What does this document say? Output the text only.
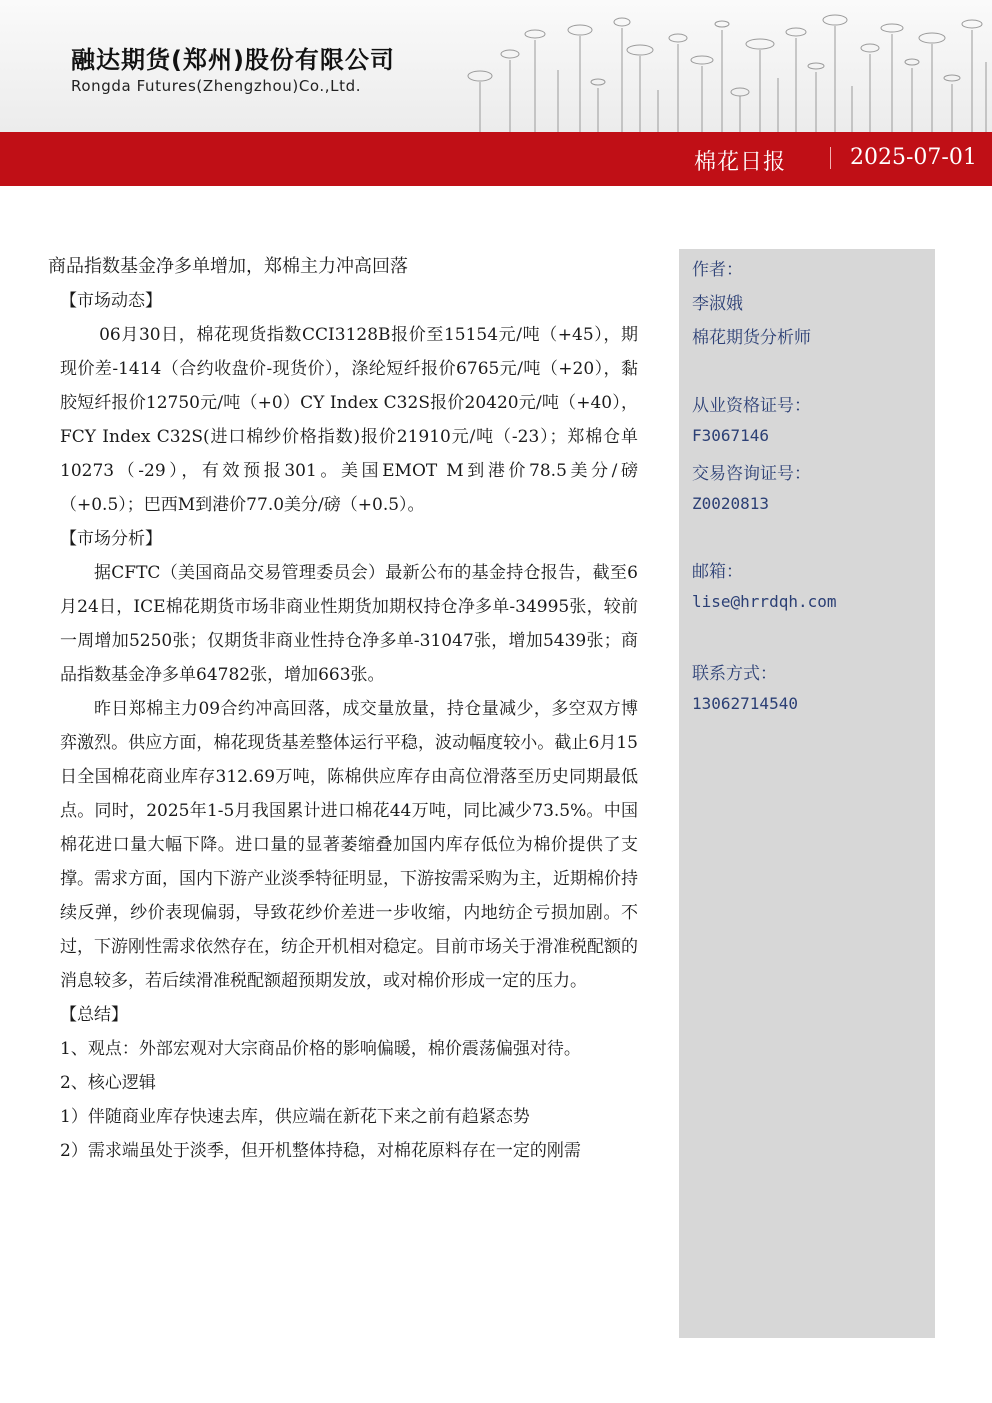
融达期货(郑州)股份有限公司
Rongda Futures(Zhengzhou)Co.,Ltd.
棉花日报	2025-07-01

商品指数基金净多单增加，郑棉主力冲高回落

【市场动态】

06月30日，棉花现货指数CCI3128B报价至15154元/吨（+45），期现价差-1414（合约收盘价-现货价），涤纶短纤报价6765元/吨（+20），黏胶短纤报价12750元/吨（+0）CY Index C32S报价20420元/吨（+40），FCY Index C32S(进口棉纱价格指数)报价21910元/吨（-23）；郑棉仓单10273（-29），有效预报301。美国EMOT M到港价78.5美分/磅（+0.5）；巴西M到港价77.0美分/磅（+0.5）。

【市场分析】

据CFTC（美国商品交易管理委员会）最新公布的基金持仓报告，截至6月24日，ICE棉花期货市场非商业性期货加期权持仓净多单-34995张，较前一周增加5250张；仅期货非商业性持仓净多单-31047张，增加5439张；商品指数基金净多单64782张，增加663张。

昨日郑棉主力09合约冲高回落，成交量放量，持仓量减少，多空双方博弈激烈。供应方面，棉花现货基差整体运行平稳，波动幅度较小。截止6月15日全国棉花商业库存312.69万吨，陈棉供应库存由高位滑落至历史同期最低点。同时，2025年1-5月我国累计进口棉花44万吨，同比减少73.5%。中国棉花进口量大幅下降。进口量的显著萎缩叠加国内库存低位为棉价提供了支撑。需求方面，国内下游产业淡季特征明显，下游按需采购为主，近期棉价持续反弹，纱价表现偏弱，导致花纱价差进一步收缩，内地纺企亏损加剧。不过，下游刚性需求依然存在，纺企开机相对稳定。目前市场关于滑准税配额的消息较多，若后续滑准税配额超预期发放，或对棉价形成一定的压力。

【总结】

1、观点：外部宏观对大宗商品价格的影响偏暖，棉价震荡偏强对待。

2、核心逻辑

1）伴随商业库存快速去库，供应端在新花下来之前有趋紧态势

2）需求端虽处于淡季，但开机整体持稳，对棉花原料存在一定的刚需

作者：
李淑娥
棉花期货分析师
从业资格证号：
F3067146
交易咨询证号：
Z0020813
邮箱：
lise@hrrdqh.com
联系方式：
13062714540
